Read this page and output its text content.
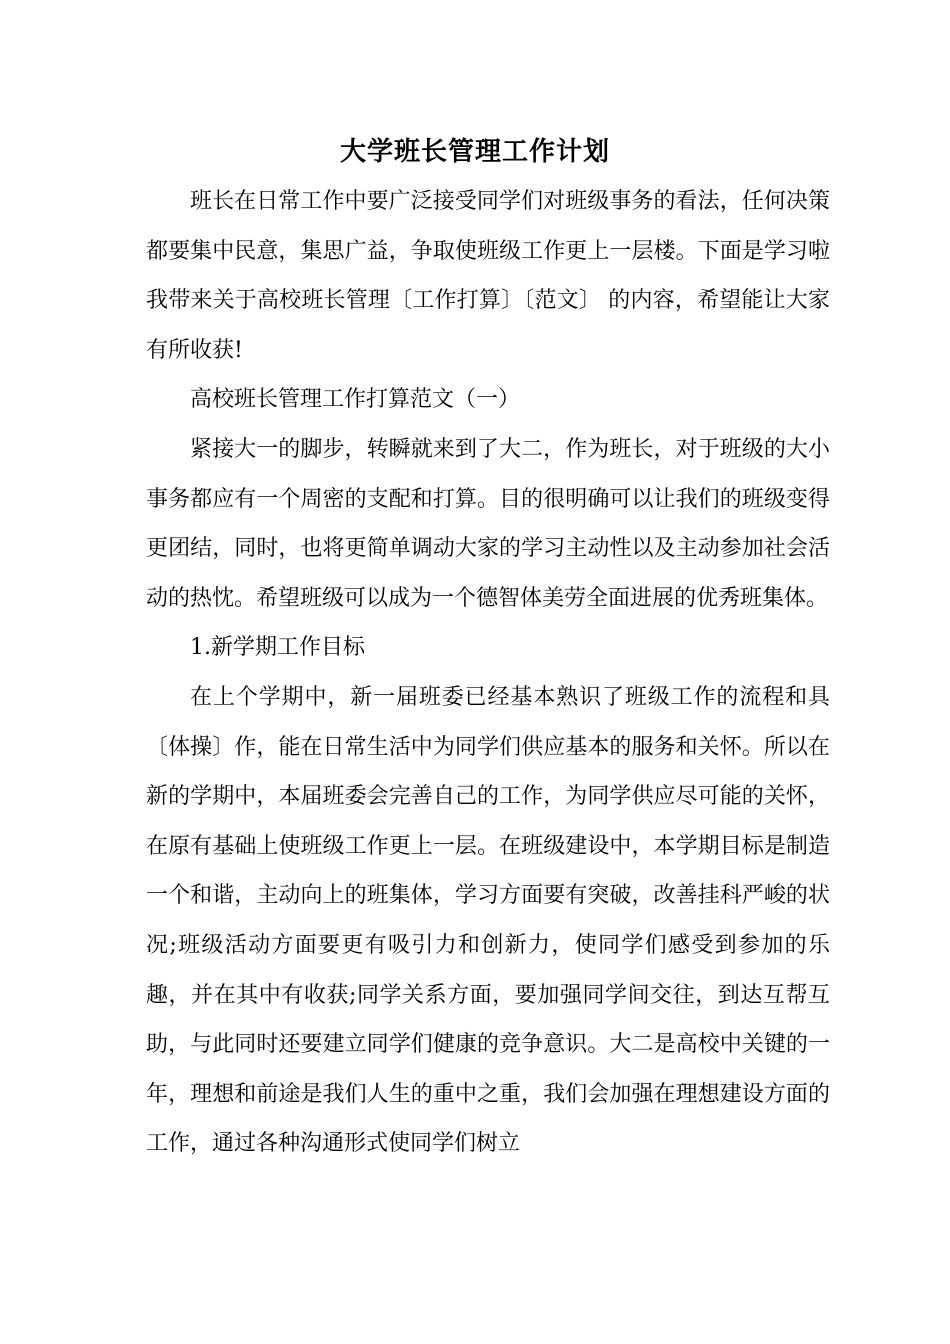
大学班长管理工作计划

班长在日常工作中要广泛接受同学们对班级事务的看法，任何决策都要集中民意，集思广益，争取使班级工作更上一层楼。下面是学习啦我带来关于高校班长管理〔工作打算〕〔范文〕 的内容，希望能让大家有所收获!

高校班长管理工作打算范文（一）

紧接大一的脚步，转瞬就来到了大二，作为班长，对于班级的大小事务都应有一个周密的支配和打算。目的很明确可以让我们的班级变得更团结，同时，也将更简单调动大家的学习主动性以及主动参加社会活动的热忱。希望班级可以成为一个德智体美劳全面进展的优秀班集体。

1.新学期工作目标

在上个学期中，新一届班委已经基本熟识了班级工作的流程和具〔体操〕作，能在日常生活中为同学们供应基本的服务和关怀。所以在新的学期中，本届班委会完善自己的工作，为同学供应尽可能的关怀，在原有基础上使班级工作更上一层。在班级建设中，本学期目标是制造一个和谐，主动向上的班集体，学习方面要有突破，改善挂科严峻的状况;班级活动方面要更有吸引力和创新力，使同学们感受到参加的乐趣，并在其中有收获;同学关系方面，要加强同学间交往，到达互帮互助，与此同时还要建立同学们健康的竞争意识。大二是高校中关键的一年，理想和前途是我们人生的重中之重，我们会加强在理想建设方面的工作，通过各种沟通形式使同学们树立
